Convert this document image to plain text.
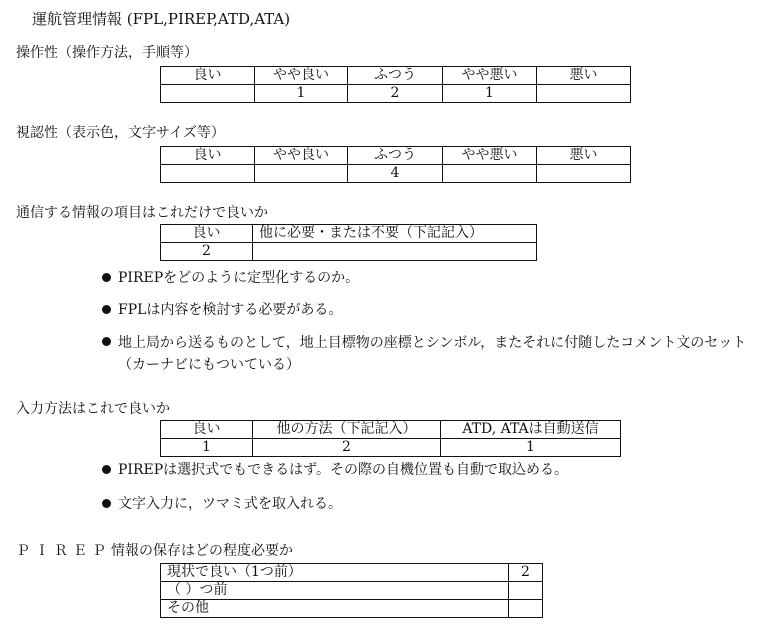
運航管理情報 (FPL,PIREP,ATD,ATA)
操作性（操作方法，手順等）
良い	やや良い	ふつう	やや悪い	悪い
	1	2	1	
視認性（表示色，文字サイズ等）
良い	やや良い	ふつう	やや悪い	悪い
		4		
通信する情報の項目はこれだけで良いか
良い	他に必要・または不要（下記記入）
2	
PIREPをどのように定型化するのか。
FPLは内容を検討する必要がある。
地上局から送るものとして，地上目標物の座標とシンボル，またそれに付随したコメント文のセット（カーナビにもついている）
入力方法はこれで良いか
良い	他の方法（下記記入）	ATD, ATAは自動送信
1	2	1
PIREPは選択式でもできるはず。その際の自機位置も自動で取込める。
文字入力に，ツマミ式を取入れる。
ＰＩＲＥＰ情報の保存はどの程度必要か
現状で良い（1つ前）	2
（ ）つ前	
その他	
